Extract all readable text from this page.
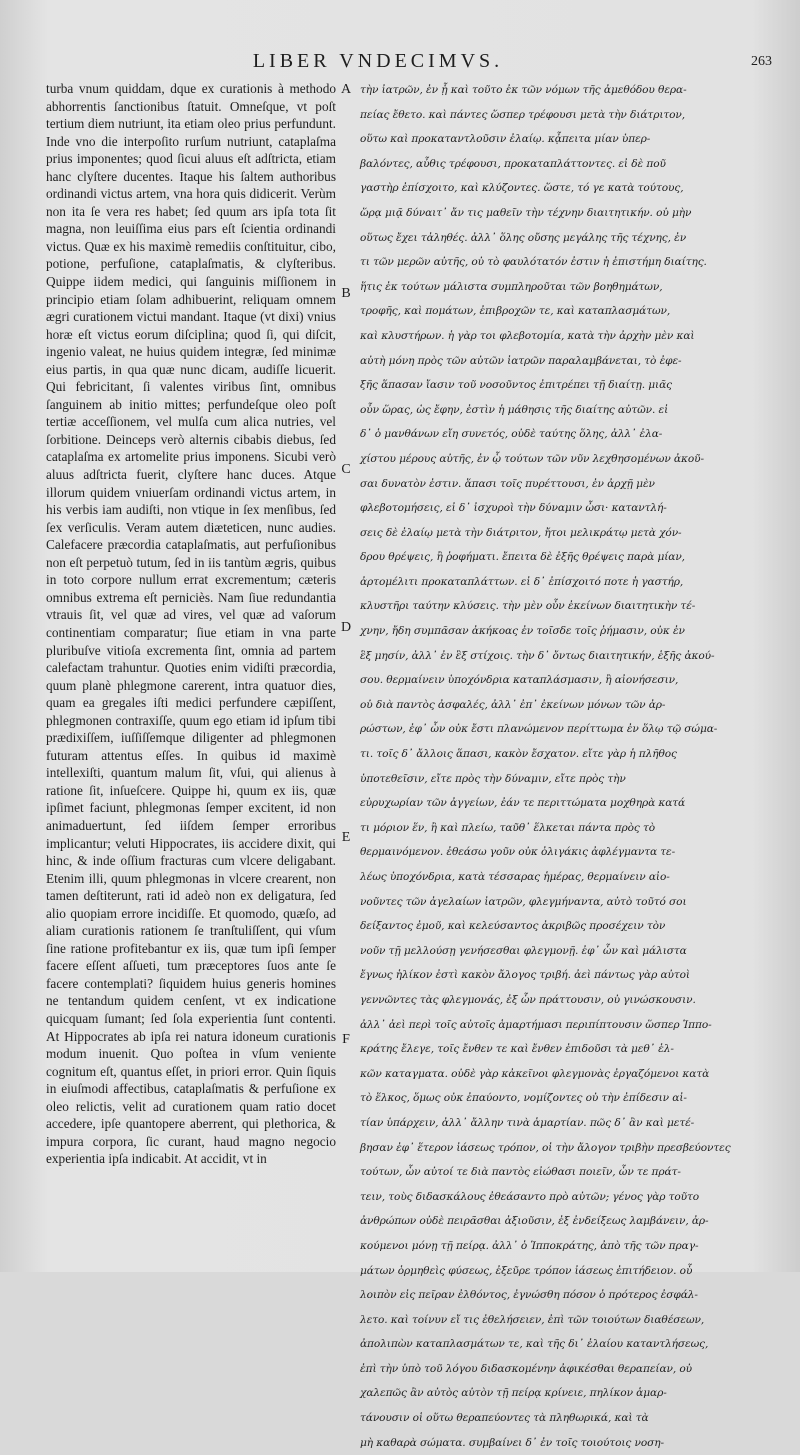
LIBER VNDECIMVS.	263

turba vnum quiddam, dque ex curationis à methodo abhorrentis ſanctionibus ſtatuit. Omneſque, vt poſt tertium diem nutriunt, ita etiam oleo prius perfundunt. Inde vno die interpoſito rurſum nutriunt, cataplaſma prius imponentes; quod ſicui aluus eſt adſtricta, etiam hanc clyſtere ducentes. Itaque his ſaltem authoribus ordinandi victus artem, vna hora quis didicerit. Verùm non ita ſe vera res habet; ſed quum ars ipſa tota ſit magna, non leuiſſima eius pars eſt ſcientia ordinandi victus. Quæ ex his maximè remediis conſtituitur, cibo, potione, perfuſione, cataplaſmatis, & clyſteribus. Quippe iidem medici, qui ſanguinis miſſionem in principio etiam ſolam adhibuerint, reliquam omnem ægri curationem victui mandant. Itaque (vt dixi) vnius horæ eſt victus eorum diſciplina; quod ſi, qui diſcit, ingenio valeat, ne huius quidem integræ, ſed minimæ eius partis, in qua quæ nunc dicam, audiſſe licuerit. Qui febricitant, ſi valentes viribus ſint, omnibus ſanguinem ab initio mittes; perfundeſque oleo poſt tertiæ acceſſionem, vel mulſa cum alica nutries, vel ſorbitione. Deinceps verò alternis cibabis diebus, ſed cataplaſma ex artomelite prius imponens. Sicubi verò aluus adſtricta fuerit, clyſtere hanc duces. Atque illorum quidem vniuerſam ordinandi victus artem, in his verbis iam audiſti, non vtique in ſex menſibus, ſed ſex verſiculis. Veram autem diæteticen, nunc audies. Calefacere præcordia cataplaſmatis, aut perfuſionibus non eſt perpetuò tutum, ſed in iis tantùm ægris, quibus in toto corpore nullum errat excrementum; cæteris omnibus extrema eſt perniciès. Nam ſiue redundantia vtrauis ſit, vel quæ ad vires, vel quæ ad vaſorum continentiam comparatur; ſiue etiam in vna parte pluribuſve vitioſa excrementa ſint, omnia ad partem calefactam trahuntur. Quoties enim vidiſti præcordia, quum planè phlegmone carerent, intra quatuor dies, quam ea gregales iſti medici perfundere cæpiſſent, phlegmonen contraxiſſe, quum ego etiam id ipſum tibi prædixiſſem, iuſſiſſemque diligenter ad phlegmonen futuram attentus eſſes. In quibus id maximè intellexiſti, quantum malum ſit, vſui, qui alienus à ratione ſit, inſueſcere. Quippe hi, quum ex iis, quæ ipſimet faciunt, phlegmonas ſemper excitent, id non animaduertunt, ſed iiſdem ſemper erroribus implicantur; veluti Hippocrates, iis accidere dixit, qui hinc, & inde oſſium fracturas cum vlcere deligabant. Etenim illi, quum phlegmonas in vlcere crearent, non tamen deſtiterunt, rati id adeò non ex deligatura, ſed alio quopiam errore incidiſſe. Et quomodo, quæſo, ad aliam curationis rationem ſe tranſtuliſſent, qui vſum ſine ratione profitebantur ex iis, quæ tum ipſi ſemper facere eſſent aſſueti, tum præceptores ſuos ante ſe facere contemplati? ſiquidem huius generis homines ne tentandum quidem cenſent, vt ex indicatione quicquam ſumant; ſed ſola experientia ſunt contenti. At Hippocrates ab ipſa rei natura idoneum curationis modum inuenit. Quo poſtea in vſum veniente cognitum eſt, quantus eſſet, in priori error. Quin ſiquis in eiuſmodi affectibus, cataplaſmatis & perfuſione ex oleo relictis, velit ad curationem quam ratio docet accedere, ipſe quantopere aberrent, qui plethorica, & impura corpora, ſic curant, haud magno negocio experientia ipſa indicabit. At accidit, vt in

A
B
C
D
E
F
τὴν ἰατρῶν, ἐν ᾗ καὶ τοῦτο ἐκ τῶν νόμων τῆς ἀμεθόδου θερα-
πείας ἔθετο. καὶ πάντες ὥσπερ τρέφουσι μετὰ τὴν διάτριτον,
οὕτω καὶ προκαταντλοῦσιν ἐλαίῳ. κᾆπειτα μίαν ὑπερ-
βαλόντες, αὖθις τρέφουσι, προκαταπλάττοντες. εἰ δὲ ποῦ
γαστὴρ ἐπίσχοιτο, καὶ κλύζοντες. ὥστε, τό γε κατὰ τούτους,
ὥρᾳ μιᾷ δύναιτ᾽ ἄν τις μαθεῖν τὴν τέχνην διαιτητικήν. οὐ μὴν
οὕτως ἔχει τἀληθές. ἀλλ᾽ ὅλης οὔσης μεγάλης τῆς τέχνης, ἐν
τι τῶν μερῶν αὐτῆς, οὐ τὸ φαυλότατόν ἐστιν ἡ ἐπιστήμη διαίτης.
ἥτις ἐκ τούτων μάλιστα συμπληροῦται τῶν βοηθημάτων,
τροφῆς, καὶ πομάτων, ἐπιβροχῶν τε, καὶ καταπλασμάτων,
καὶ κλυστήρων. ἡ γὰρ τοι φλεβοτομία, κατὰ τὴν ἀρχὴν μὲν καὶ
αὐτὴ μόνη πρὸς τῶν αὐτῶν ἰατρῶν παραλαμβάνεται, τὸ ἐφε-
ξῆς ἅπασαν ἴασιν τοῦ νοσοῦντος ἐπιτρέπει τῇ διαίτῃ. μιᾶς
οὖν ὥρας, ὡς ἔφην, ἐστὶν ἡ μάθησις τῆς διαίτης αὐτῶν. εἰ
δ᾽ ὁ μανθάνων εἴη συνετός, οὐδὲ ταύτης ὅλης, ἀλλ᾽ ἐλα-
χίστου μέρους αὐτῆς, ἐν ᾧ τούτων τῶν νῦν λεχθησομένων ἀκοῦ-
σαι δυνατὸν ἐστιν. ἅπασι τοῖς πυρέττουσι, ἐν ἀρχῇ μὲν
φλεβοτομήσεις, εἰ δ᾽ ἰσχυροὶ τὴν δύναμιν ὦσι· καταντλή-
σεις δὲ ἐλαίῳ μετὰ τὴν διάτριτον, ἤτοι μελικράτῳ μετὰ χόν-
δρου θρέψεις, ἢ ῥοφήματι. ἔπειτα δὲ ἐξῆς θρέψεις παρὰ μίαν,
ἀρτομέλιτι προκαταπλάττων. εἰ δ᾽ ἐπίσχοιτό ποτε ἡ γαστήρ,
κλυστῆρι ταύτην κλύσεις. τὴν μὲν οὖν ἐκείνων διαιτητικὴν τέ-
χνην, ἤδη συμπᾶσαν ἀκήκοας ἐν τοῖσδε τοῖς ῥήμασιν, οὐκ ἐν
ἓξ μησίν, ἀλλ᾽ ἐν ἓξ στίχοις. τὴν δ᾽ ὄντως διαιτητικήν, ἑξῆς ἀκού-
σου. θερμαίνειν ὑποχόνδρια καταπλάσμασιν, ἢ αἰονήσεσιν,
οὐ διὰ παντὸς ἀσφαλές, ἀλλ᾽ ἐπ᾽ ἐκείνων μόνων τῶν ἀρ-
ρώστων, ἐφ᾽ ὧν οὐκ ἔστι πλανώμενον περίττωμα ἐν ὅλῳ τῷ σώμα-
τι. τοῖς δ᾽ ἄλλοις ἅπασι, κακὸν ἔσχατον. εἴτε γὰρ ἡ πλῆθος
ὑποτεθεῖσιν, εἴτε πρὸς τὴν δύναμιν, εἴτε πρὸς τὴν
εὐρυχωρίαν τῶν ἀγγείων, ἐάν τε περιττώματα μοχθηρὰ κατά
τι μόριον ἕν, ἢ καὶ πλείω, ταῦθ᾽ ἕλκεται πάντα πρὸς τὸ
θερμαινόμενον. ἐθεάσω γοῦν οὐκ ὀλιγάκις ἀφλέγμαντα τε-
λέως ὑποχόνδρια, κατὰ τέσσαρας ἡμέρας, θερμαίνειν αἰο-
νοῦντες τῶν ἀγελαίων ἰατρῶν, φλεγμήναντα, αὐτὸ τοῦτό σοι
δείξαντος ἐμοῦ, καὶ κελεύσαντος ἀκριβῶς προσέχειν τὸν
νοῦν τῇ μελλούσῃ γενήσεσθαι φλεγμονῇ. ἐφ᾽ ὧν καὶ μάλιστα
ἔγνως ἡλίκον ἐστὶ κακὸν ἄλογος τριβή. ἀεὶ πάντως γὰρ αὐτοὶ
γεννῶντες τὰς φλεγμονάς, ἐξ ὧν πράττουσιν, οὐ γινώσκουσιν.
ἀλλ᾽ ἀεὶ περὶ τοῖς αὐτοῖς ἁμαρτήμασι περιπίπτουσιν ὥσπερ Ἱππο-
κράτης ἔλεγε, τοῖς ἔνθεν τε καὶ ἔνθεν ἐπιδοῦσι τὰ μεθ᾽ ἑλ-
κῶν καταγματα. οὐδὲ γὰρ κἀκεῖνοι φλεγμονὰς ἐργαζόμενοι κατὰ
τὸ ἕλκος, ὅμως οὐκ ἐπαύοντο, νομίζοντες οὐ τὴν ἐπίδεσιν αἰ-
τίαν ὑπάρχειν, ἀλλ᾽ ἄλλην τινὰ ἁμαρτίαν. πῶς δ᾽ ἂν καὶ μετέ-
βησαν ἐφ᾽ ἕτερον ἰάσεως τρόπον, οἱ τὴν ἄλογον τριβὴν πρεσβεύοντες
τούτων, ὧν αὐτοί τε διὰ παντὸς εἰώθασι ποιεῖν, ὧν τε πράτ-
τειν, τοὺς διδασκάλους ἐθεάσαντο πρὸ αὐτῶν; γένος γὰρ τοῦτο
ἀνθρώπων οὐδὲ πειρᾶσθαι ἀξιοῦσιν, ἐξ ἐνδείξεως λαμβάνειν, ἀρ-
κούμενοι μόνῃ τῇ πείρᾳ. ἀλλ᾽ ὁ Ἱπποκράτης, ἀπὸ τῆς τῶν πραγ-
μάτων ὁρμηθεὶς φύσεως, ἐξεῦρε τρόπον ἰάσεως ἐπιτήδειον. οὗ
λοιπὸν εἰς πεῖραν ἐλθόντος, ἐγνώσθη πόσον ὁ πρότερος ἐσφάλ-
λετο. καὶ τοίνυν εἴ τις ἐθελήσειεν, ἐπὶ τῶν τοιούτων διαθέσεων,
ἀπολιπὼν καταπλασμάτων τε, καὶ τῆς δι᾽ ἐλαίου καταντλήσεως,
ἐπὶ τὴν ὑπὸ τοῦ λόγου διδασκομένην ἀφικέσθαι θεραπείαν, οὐ
χαλεπῶς ἂν αὐτὸς αὐτὸν τῇ πείρᾳ κρίνειε, πηλίκον ἁμαρ-
τάνουσιν οἱ οὕτω θεραπεύοντες τὰ πληθωρικά, καὶ τὰ
μὴ καθαρὰ σώματα. συμβαίνει δ᾽ ἐν τοῖς τοιούτοις νοση-
